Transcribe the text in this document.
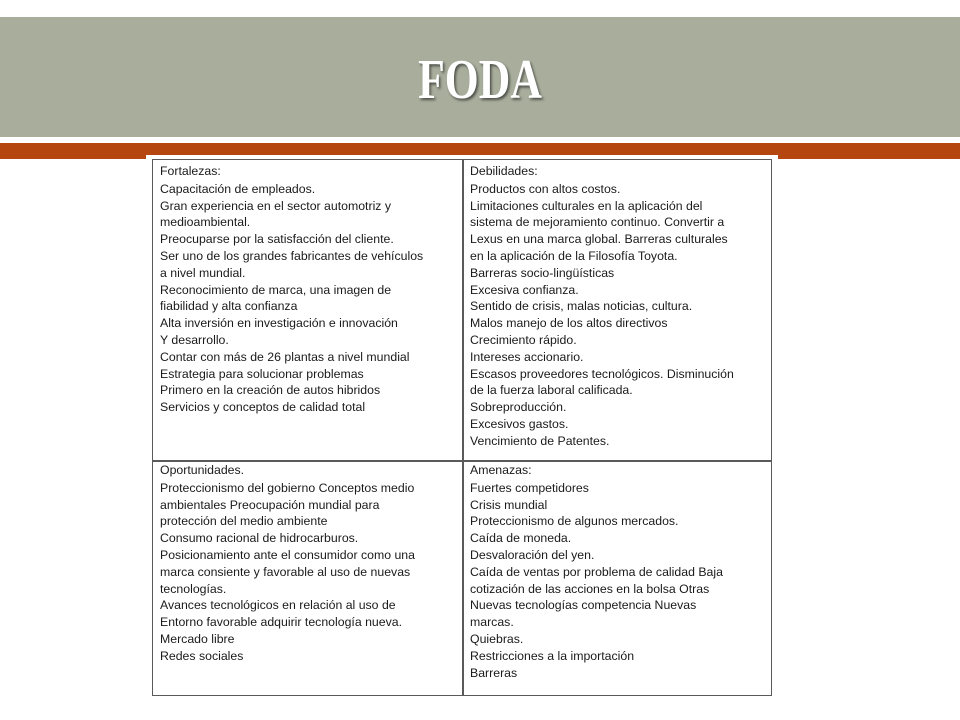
FODA
Fortalezas:
Capacitación de empleados.
Gran experiencia en el sector automotriz y
medioambiental.
Preocuparse por la satisfacción del cliente.
Ser uno de los grandes fabricantes de vehículos
a nivel mundial.
Reconocimiento de marca, una imagen de
fiabilidad y alta confianza
Alta inversión en investigación e innovación
Y desarrollo.
Contar con más de 26 plantas a nivel mundial
Estrategia para solucionar problemas
Primero en la creación de autos hibridos
Servicios y conceptos de calidad total
Debilidades:
Productos con altos costos.
Limitaciones culturales en la aplicación del
sistema de mejoramiento continuo. Convertir a
Lexus en una marca global. Barreras culturales
en la aplicación de la Filosofía Toyota.
Barreras socio-lingüísticas
Excesiva confianza.
Sentido de crisis, malas noticias, cultura.
Malos manejo de los altos directivos
Crecimiento rápido.
Intereses accionario.
Escasos proveedores tecnológicos. Disminución
de la fuerza laboral calificada.
Sobreproducción.
Excesivos gastos.
Vencimiento de Patentes.
Oportunidades.
Proteccionismo del gobierno Conceptos medio
ambientales Preocupación mundial para
protección del medio ambiente
Consumo racional de hidrocarburos.
Posicionamiento ante el consumidor como una
marca consiente y favorable al uso de nuevas
tecnologías.
Avances tecnológicos en relación al uso de
Entorno favorable adquirir tecnología nueva.
Mercado libre
Redes sociales
Amenazas:
Fuertes competidores
Crisis mundial
Proteccionismo de algunos mercados.
Caída de moneda.
Desvaloración del yen.
Caída de ventas por problema de calidad Baja
cotización de las acciones en la bolsa Otras
Nuevas tecnologías competencia Nuevas
marcas.
Quiebras.
Restricciones a la importación
Barreras
